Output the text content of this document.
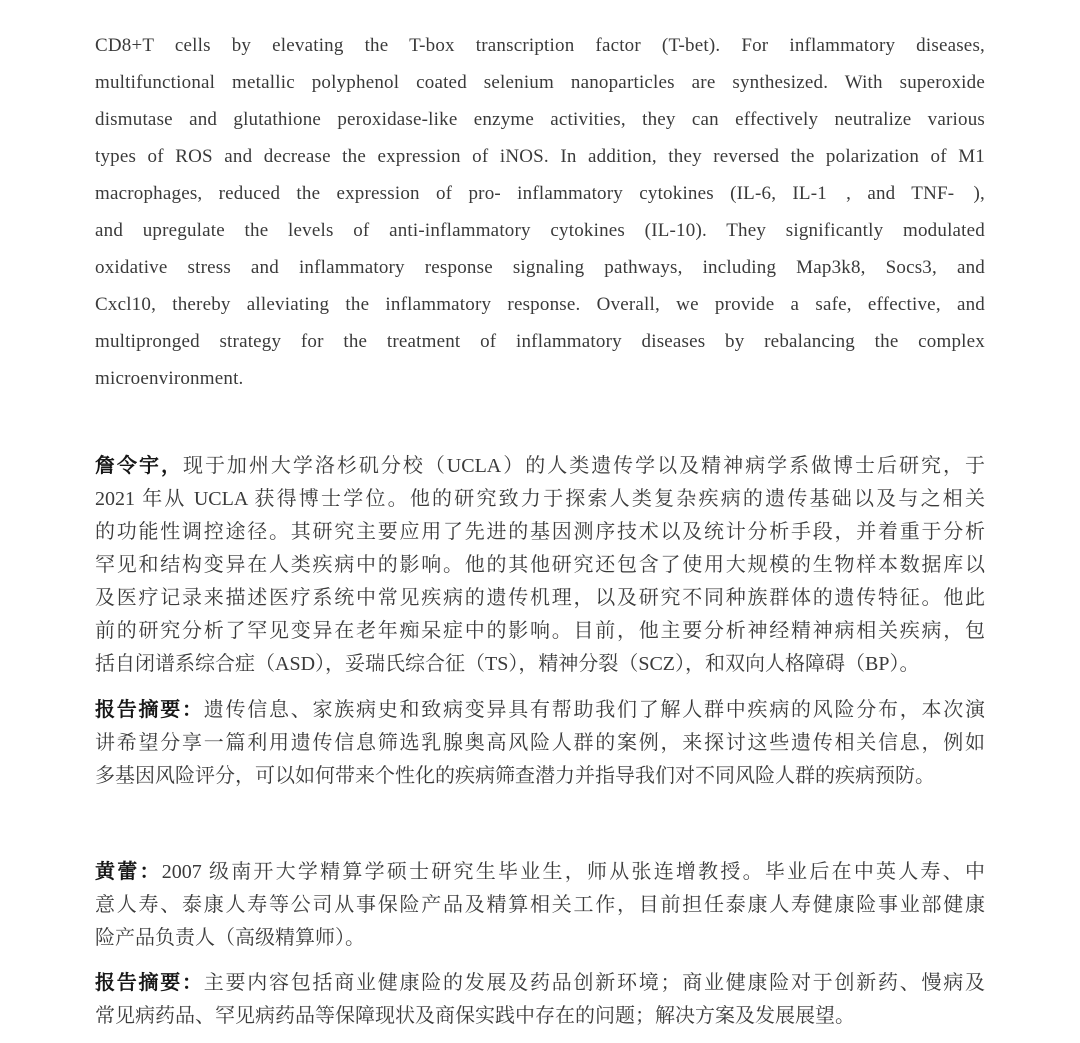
CD8+T cells by elevating the T-box transcription factor (T-bet). For inflammatory diseases,
multifunctional metallic polyphenol coated selenium nanoparticles are synthesized. With superoxide
dismutase and glutathione peroxidase-like enzyme activities, they can effectively neutralize various
types of ROS and decrease the expression of iNOS. In addition, they reversed the polarization of M1
macrophages, reduced the expression of pro- inflammatory cytokines (IL-6, IL-1 , and TNF- ),
and upregulate the levels of anti-inflammatory cytokines (IL-10). They significantly modulated
oxidative stress and inflammatory response signaling pathways, including Map3k8, Socs3, and
Cxcl10, thereby alleviating the inflammatory response. Overall, we provide a safe, effective, and
multipronged strategy for the treatment of inflammatory diseases by rebalancing the complex
microenvironment.
詹令宇，现于加州大学洛杉矶分校（UCLA）的人类遗传学以及精神病学系做博士后研究，于
2021 年从 UCLA 获得博士学位。他的研究致力于探索人类复杂疾病的遗传基础以及与之相关
的功能性调控途径。其研究主要应用了先进的基因测序技术以及统计分析手段，并着重于分析
罕见和结构变异在人类疾病中的影响。他的其他研究还包含了使用大规模的生物样本数据库以
及医疗记录来描述医疗系统中常见疾病的遗传机理，以及研究不同种族群体的遗传特征。他此
前的研究分析了罕见变异在老年痴呆症中的影响。目前，他主要分析神经精神病相关疾病，包
括自闭谱系综合症（ASD），妥瑞氏综合征（TS），精神分裂（SCZ），和双向人格障碍（BP）。
报告摘要：遗传信息、家族病史和致病变异具有帮助我们了解人群中疾病的风险分布，本次演
讲希望分享一篇利用遗传信息筛选乳腺奥高风险人群的案例，来探讨这些遗传相关信息，例如
多基因风险评分，可以如何带来个性化的疾病筛查潜力并指导我们对不同风险人群的疾病预防。
黄蕾：2007 级南开大学精算学硕士研究生毕业生，师从张连增教授。毕业后在中英人寿、中
意人寿、泰康人寿等公司从事保险产品及精算相关工作，目前担任泰康人寿健康险事业部健康
险产品负责人（高级精算师）。
报告摘要：主要内容包括商业健康险的发展及药品创新环境；商业健康险对于创新药、慢病及
常见病药品、罕见病药品等保障现状及商保实践中存在的问题；解决方案及发展展望。
